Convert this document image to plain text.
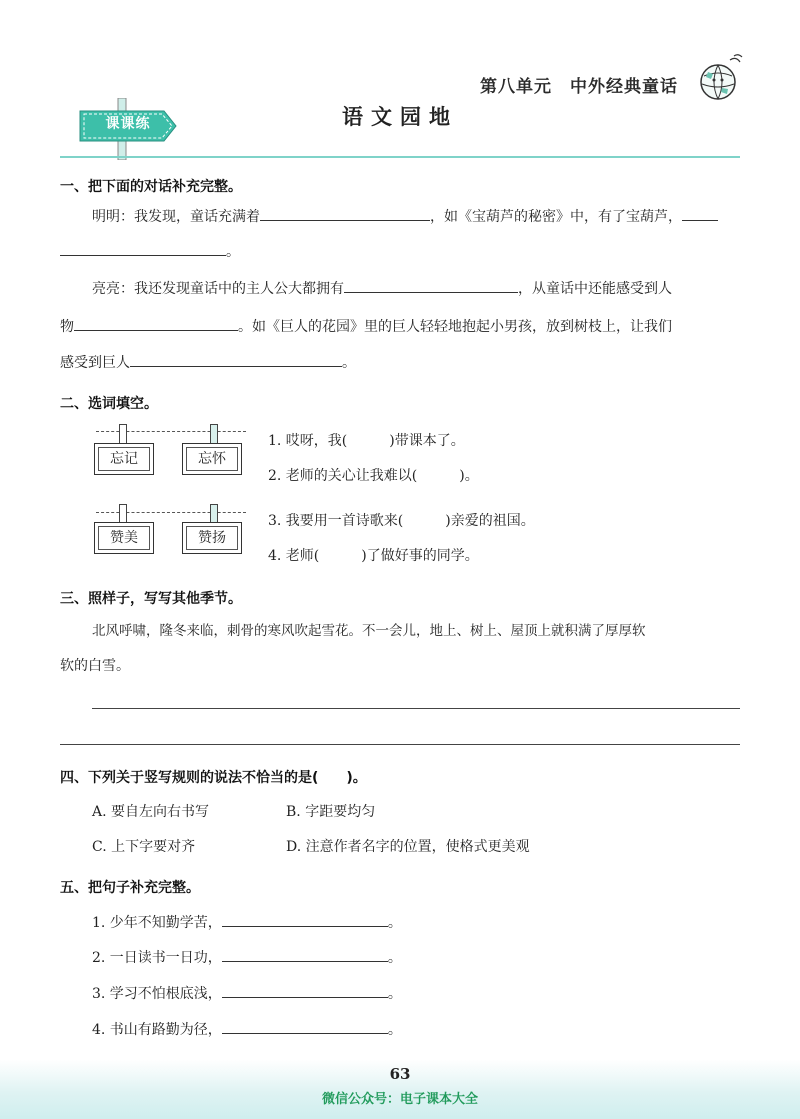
第八单元 中外经典童话
课课练	语文园地
一、把下面的对话补充完整。
明明：我发现，童话充满着	，如《宝葫芦的秘密》中，有了宝葫芦，
。
亮亮：我还发现童话中的主人公大都拥有	，从童话中还能感受到人
物	。如《巨人的花园》里的巨人轻轻地抱起小男孩，放到树枝上，让我们
感受到巨人	。
二、选词填空。
忘记	忘怀
赞美	赞扬
1. 哎呀，我(　　　)带课本了。
2. 老师的关心让我难以(　　　)。
3. 我要用一首诗歌来(　　　)亲爱的祖国。
4. 老师(　　　)了做好事的同学。
三、照样子，写写其他季节。
北风呼啸，隆冬来临，刺骨的寒风吹起雪花。不一会儿，地上、树上、屋顶上就积满了厚厚软
软的白雪。
四、下列关于竖写规则的说法不恰当的是(　　)。
A. 要自左向右书写	B. 字距要均匀
C. 上下字要对齐	D. 注意作者名字的位置，使格式更美观
五、把句子补充完整。
1. 少年不知勤学苦，	。
2. 一日读书一日功，	。
3. 学习不怕根底浅，	。
4. 书山有路勤为径，	。
63
微信公众号：电子课本大全
